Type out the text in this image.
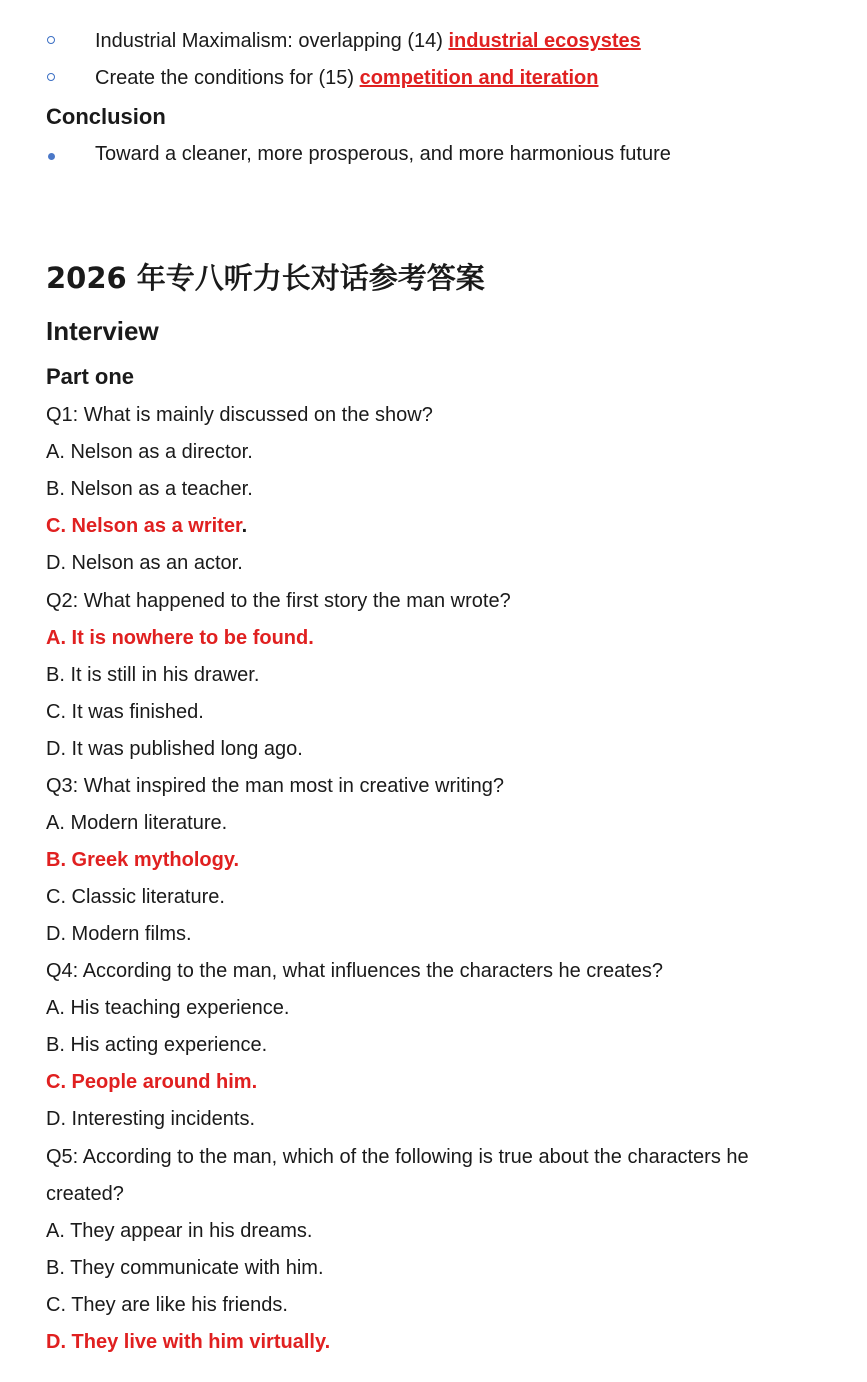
Industrial Maximalism: overlapping (14) industrial ecosystes
Create the conditions for (15) competition and iteration
Conclusion
Toward a cleaner, more prosperous, and more harmonious future
2026 年专八听力长对话参考答案
Interview
Part one
Q1: What is mainly discussed on the show?
A. Nelson as a director.
B. Nelson as a teacher.
C. Nelson as a writer.
D. Nelson as an actor.
Q2: What happened to the first story the man wrote?
A. It is nowhere to be found.
B. It is still in his drawer.
C. It was finished.
D. It was published long ago.
Q3: What inspired the man most in creative writing?
A. Modern literature.
B. Greek mythology.
C. Classic literature.
D. Modern films.
Q4: According to the man, what influences the characters he creates?
A. His teaching experience.
B. His acting experience.
C. People around him.
D. Interesting incidents.
Q5: According to the man, which of the following is true about the characters he
created?
A. They appear in his dreams.
B. They communicate with him.
C. They are like his friends.
D. They live with him virtually.
